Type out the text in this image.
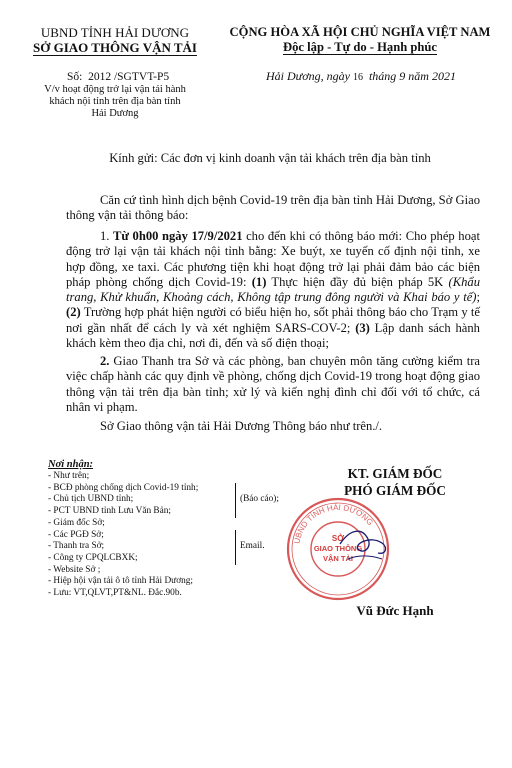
UBND TỈNH HẢI DƯƠNG
SỞ GIAO THÔNG VẬN TẢI
Số: 2012 /SGTVT-P5
V/v hoạt động trở lại vận tải hành
khách nội tỉnh trên địa bàn tỉnh
Hải Dương
CỘNG HÒA XÃ HỘI CHỦ NGHĨA VIỆT NAM
Độc lập - Tự do - Hạnh phúc
Hải Dương, ngày 16 tháng 9 năm 2021
Kính gửi: Các đơn vị kinh doanh vận tải khách trên địa bàn tỉnh
Căn cứ tình hình dịch bệnh Covid-19 trên địa bàn tỉnh Hải Dương, Sở Giao thông vận tải thông báo:
1. Từ 0h00 ngày 17/9/2021 cho đến khi có thông báo mới: Cho phép hoạt động trở lại vận tải khách nội tỉnh bằng: Xe buýt, xe tuyến cố định nội tỉnh, xe hợp đồng, xe taxi. Các phương tiện khi hoạt động trở lại phải đảm bảo các biện pháp phòng chống dịch Covid-19: (1) Thực hiện đầy đủ biện pháp 5K (Khẩu trang, Khử khuẩn, Khoảng cách, Không tập trung đông người và Khai báo y tế); (2) Trường hợp phát hiện người có biểu hiện ho, sốt phải thông báo cho Trạm y tế nơi gần nhất để cách ly và xét nghiệm SARS-COV-2; (3) Lập danh sách hành khách kèm theo địa chỉ, nơi đi, đến và số điện thoại;
2. Giao Thanh tra Sở và các phòng, ban chuyên môn tăng cường kiểm tra việc chấp hành các quy định về phòng, chống dịch Covid-19 trong hoạt động giao thông vận tải trên địa bàn tỉnh; xử lý và kiến nghị đình chỉ đối với tổ chức, cá nhân vi phạm.
Sở Giao thông vận tải Hải Dương Thông báo như trên./.
Nơi nhận:
- Như trên;
- BCĐ phòng chống dịch Covid-19 tỉnh;
- Chủ tịch UBND tỉnh;	(Báo cáo);
- PCT UBND tỉnh Lưu Văn Bản;
- Giám đốc Sở;
- Các PGĐ Sở;
- Thanh tra Sở;	Email.
- Công ty CPQLCBXK;
- Website Sở ;
- Hiệp hội vận tải ô tô tỉnh Hải Dương;
- Lưu: VT,QLVT,PT&NL. Đắc.90b.
KT. GIÁM ĐỐC
PHÓ GIÁM ĐỐC
UBND TỈNH HẢI DƯƠNG
SỞ
GIAO THÔNG
VẬN TẢI
Vũ Đức Hạnh
